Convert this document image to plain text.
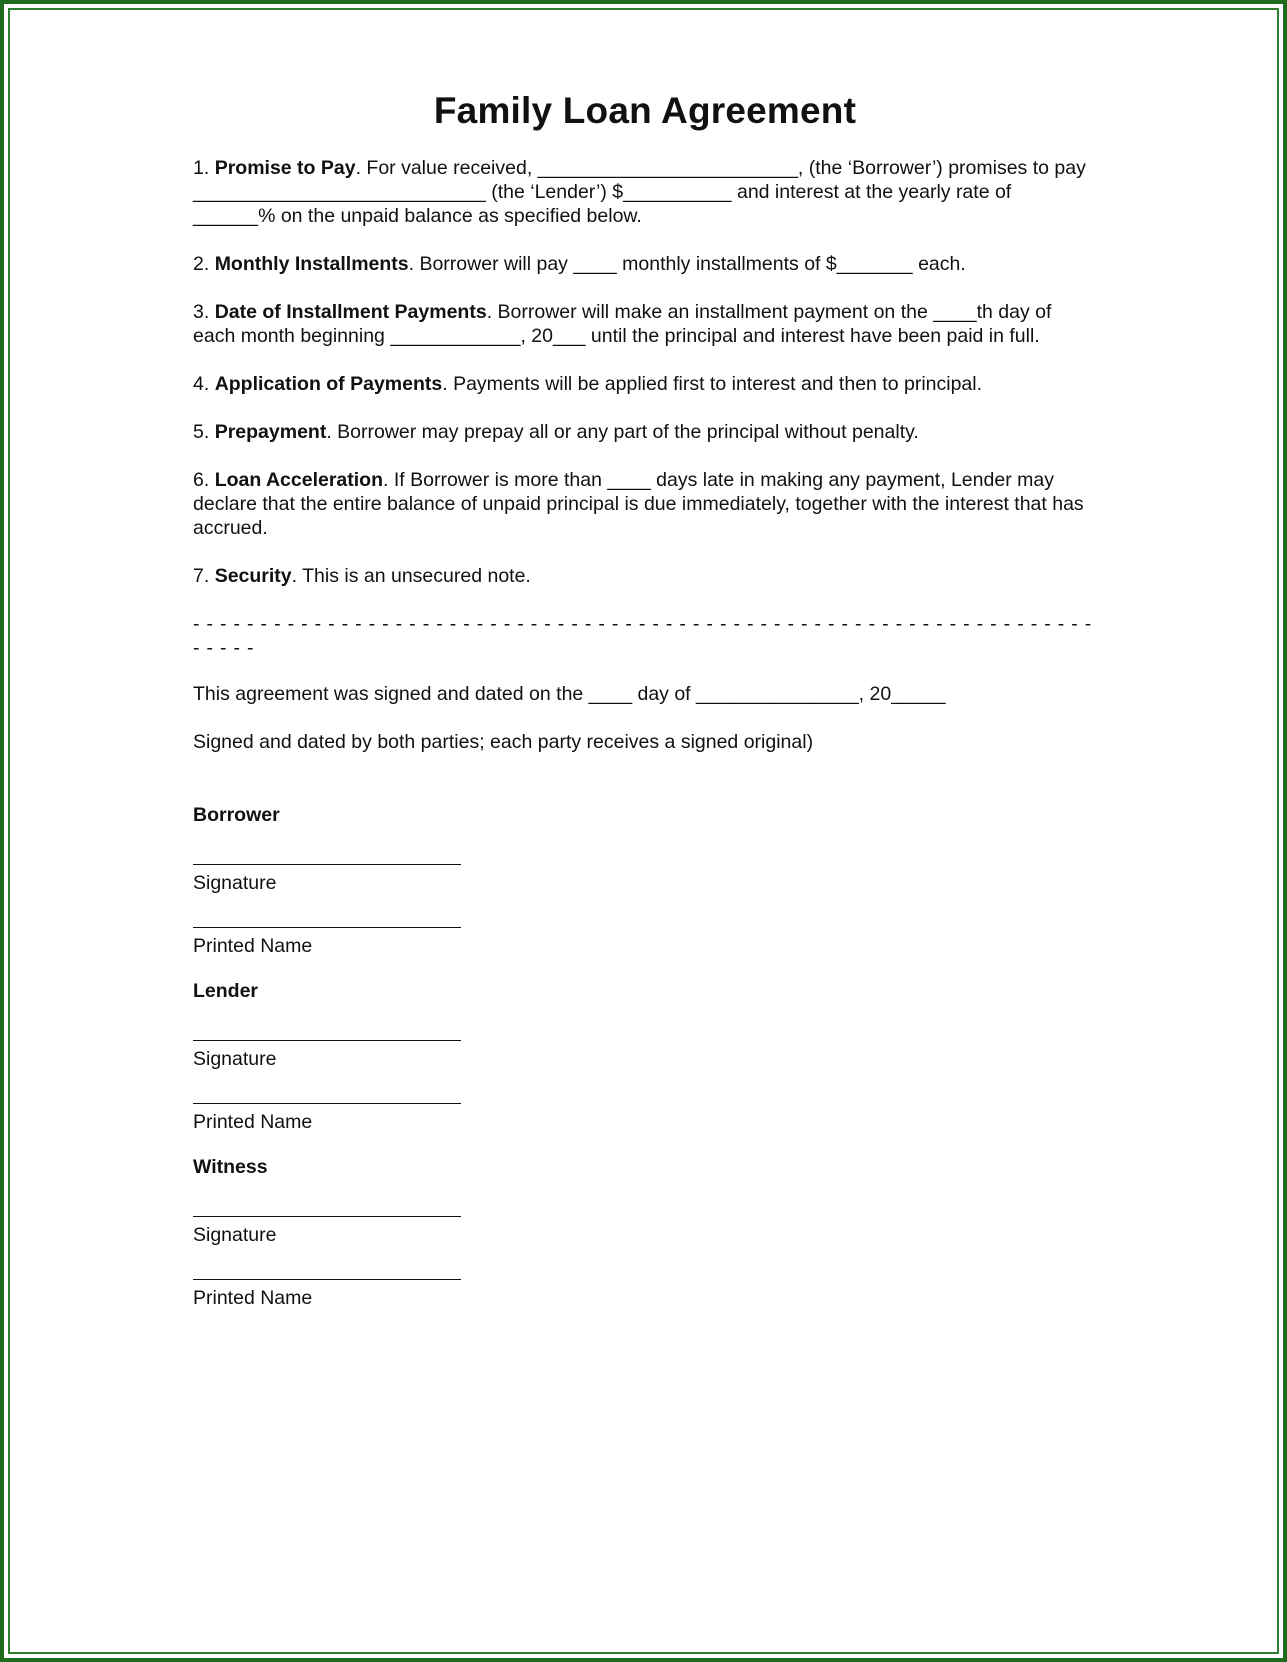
Family Loan Agreement
1. Promise to Pay. For value received, ________________________, (the ‘Borrower’) promises to pay ___________________________ (the ‘Lender’) $__________ and interest at the yearly rate of ______% on the unpaid balance as specified below.
2. Monthly Installments. Borrower will pay ____ monthly installments of $_______ each.
3. Date of Installment Payments. Borrower will make an installment payment on the ____th day of each month beginning ____________, 20___ until the principal and interest have been paid in full.
4. Application of Payments. Payments will be applied first to interest and then to principal.
5. Prepayment. Borrower may prepay all or any part of the principal without penalty.
6. Loan Acceleration. If Borrower is more than ____ days late in making any payment, Lender may declare that the entire balance of unpaid principal is due immediately, together with the interest that has accrued.
7. Security. This is an unsecured note.
- - - - - - - - - - - - - - - - - - - - - - - - - - - - - - - - - - - - - - - - - - - - - - - - - - - - - - - - - - - - - - - - - - - - - - - -
This agreement was signed and dated on the ____ day of _______________, 20_____
Signed and dated by both parties; each party receives a signed original)
Borrower
Signature
Printed Name
Lender
Signature
Printed Name
Witness
Signature
Printed Name
